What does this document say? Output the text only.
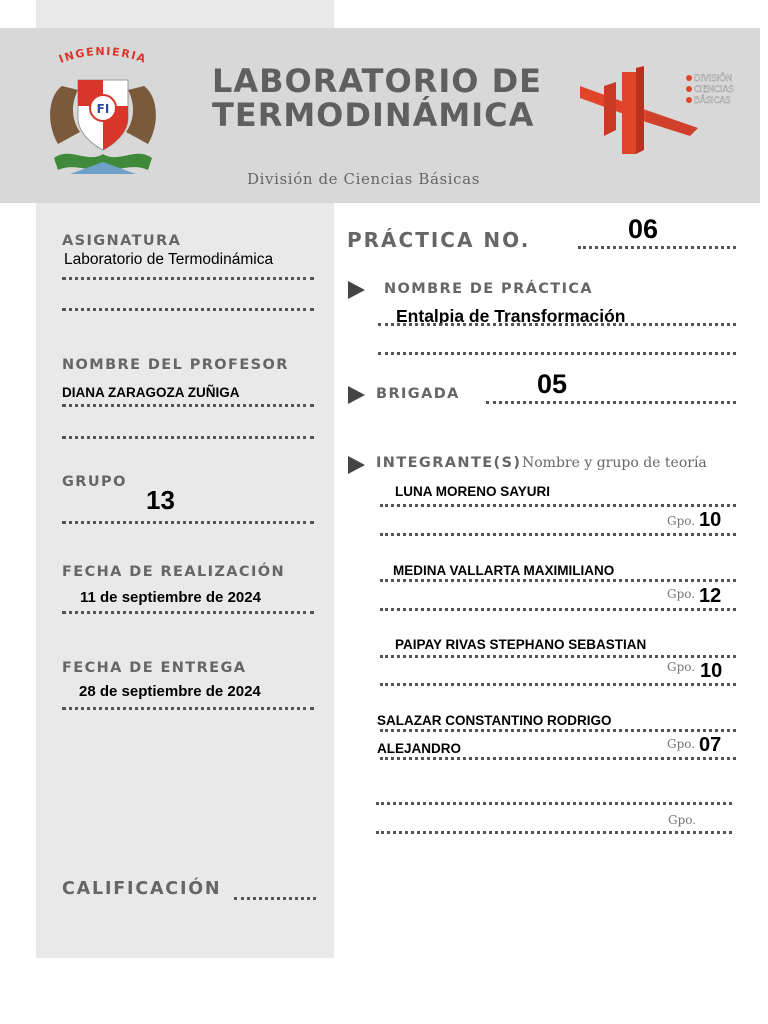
INGENIERIA
FI
LABORATORIO DE
TERMODINÁMICA
División de Ciencias Básicas
DIVISIÓN
CIENCIAS
BÁSICAS
ASIGNATURA
Laboratorio de Termodinámica
NOMBRE DEL PROFESOR
DIANA ZARAGOZA ZUÑIGA
GRUPO
13
FECHA DE REALIZACIÓN
11 de septiembre de 2024
FECHA DE ENTREGA
28 de septiembre de 2024
CALIFICACIÓN
PRÁCTICA NO.	06
NOMBRE DE PRÁCTICA
Entalpia de Transformación
BRIGADA	05
INTEGRANTE(S) Nombre y grupo de teoría
LUNA MORENO SAYURI
Gpo. 10
MEDINA VALLARTA MAXIMILIANO
Gpo. 12
PAIPAY RIVAS STEPHANO SEBASTIAN
Gpo. 10
SALAZAR CONSTANTINO RODRIGO
ALEJANDRO	Gpo. 07
Gpo.
